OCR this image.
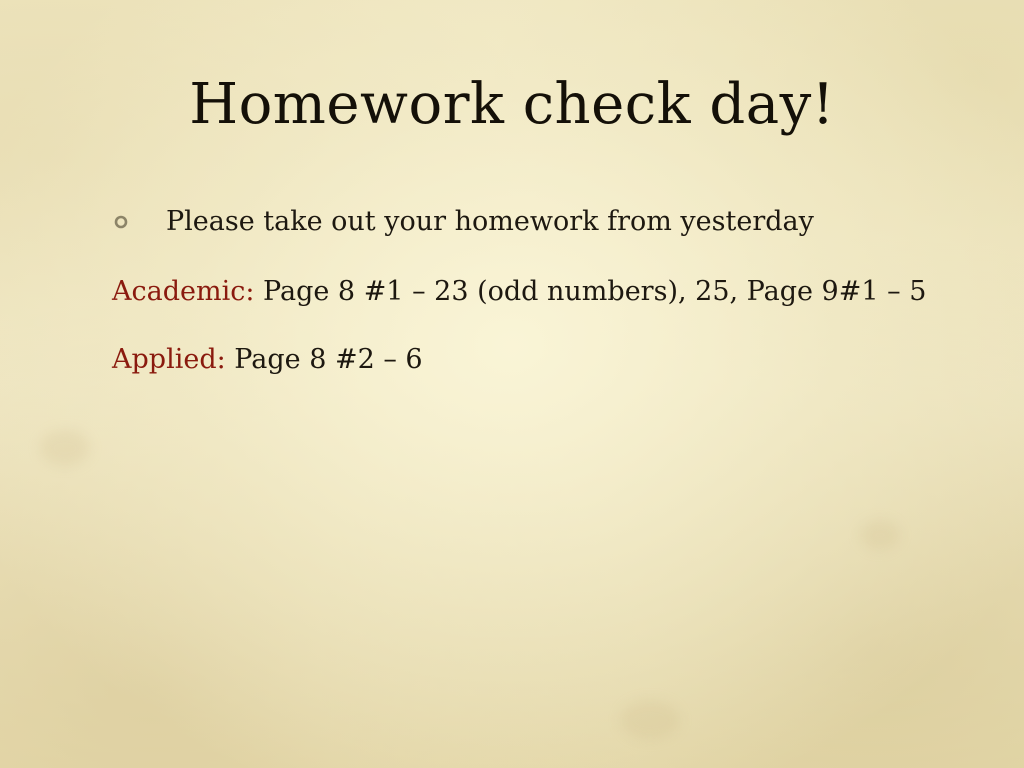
Homework check day!
Please take out your homework from yesterday
Academic: Page 8 #1 – 23 (odd numbers), 25, Page 9#1 – 5
Applied: Page 8 #2 – 6
